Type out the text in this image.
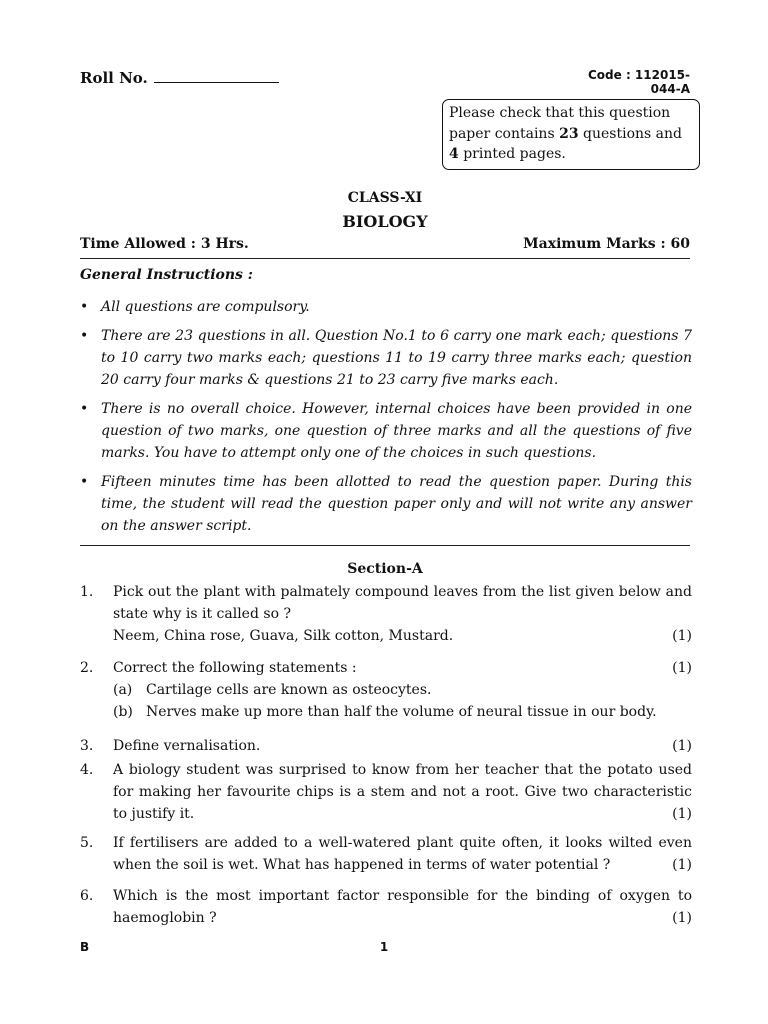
Roll No.	Code : 112015-044-A
Please check that this question paper contains 23 questions and 4 printed pages.
CLASS-XI
BIOLOGY
Time Allowed : 3 Hrs.	Maximum Marks : 60
General Instructions :
• All questions are compulsory.
• There are 23 questions in all. Question No.1 to 6 carry one mark each; questions 7 to 10 carry two marks each; questions 11 to 19 carry three marks each; question 20 carry four marks & questions 21 to 23 carry five marks each.
• There is no overall choice. However, internal choices have been provided in one question of two marks, one question of three marks and all the questions of five marks. You have to attempt only one of the choices in such questions.
• Fifteen minutes time has been allotted to read the question paper. During this time, the student will read the question paper only and will not write any answer on the answer script.
Section-A
1.	Pick out the plant with palmately compound leaves from the list given below and state why is it called so ?
Neem, China rose, Guava, Silk cotton, Mustard.	(1)
2.	Correct the following statements :	(1)
(a) Cartilage cells are known as osteocytes.
(b) Nerves make up more than half the volume of neural tissue in our body.
3.	Define vernalisation.	(1)
4.	A biology student was surprised to know from her teacher that the potato used for making her favourite chips is a stem and not a root. Give two characteristic to justify it.	(1)
5.	If fertilisers are added to a well-watered plant quite often, it looks wilted even when the soil is wet. What has happened in terms of water potential ?	(1)
6.	Which is the most important factor responsible for the binding of oxygen to haemoglobin ?	(1)
B	1
